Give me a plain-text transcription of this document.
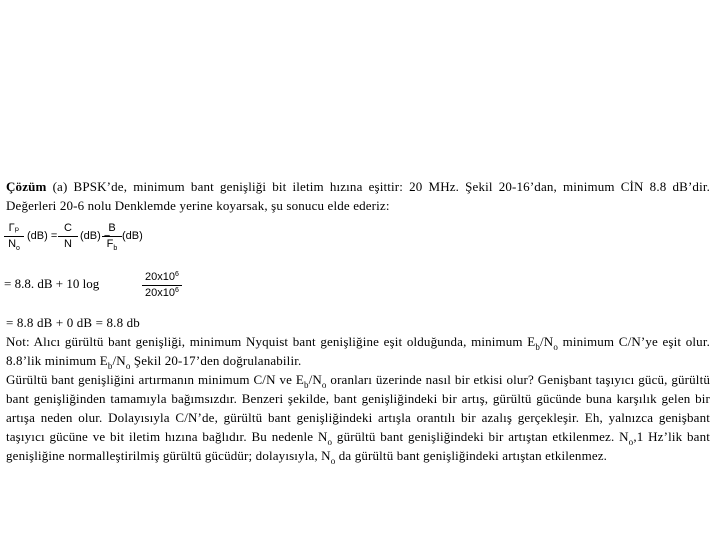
Çözüm (a) BPSK’de, minimum bant genişliği bit iletim hızına eşittir: 20 MHz. Şekil 20-16’dan, minimum CİN 8.8 dB’dir. Değerleri 20-6 nolu Denklemde yerine koyarsak, şu sonucu elde ederiz:
Γₚ
$N_o$
(dB) =
C
N
(dB) −
B
$F_b$
(dB)
= 8.8. dB + 10 log	$20x10^6$
$20x10^6$
= 8.8 dB + 0 dB = 8.8 db
Not: Alıcı gürültü bant genişliği, minimum Nyquist bant genişliğine eşit olduğunda, minimum $E_b/N_o$ minimum C/N’ye eşit olur. 8.8’lik minimum $E_b/N_o$ Şekil 20-17’den doğrulanabilir.
Gürültü bant genişliğini artırmanın minimum C/N ve $E_b/N_o$ oranları üzerinde nasıl bir etkisi olur? Genişbant taşıyıcı gücü, gürültü bant genişliğinden tamamıyla bağımsızdır. Benzeri şekilde, bant genişliğindeki bir artış, gürültü gücünde buna karşılık gelen bir artışa neden olur. Dolayısıyla C/N’de, gürültü bant genişliğindeki artışla orantılı bir azalış gerçekleşir. Eh, yalnızca genişbant taşıyıcı gücüne ve bit iletim hızına bağlıdır. Bu nedenle $N_o$ gürültü bant genişliğindeki bir artıştan etkilenmez. $N_o,1$ Hz’lik bant genişliğine normalleştirilmiş gürültü gücüdür; dolayısıyla, $N_o$ da gürültü bant genişliğindeki artıştan etkilenmez.
